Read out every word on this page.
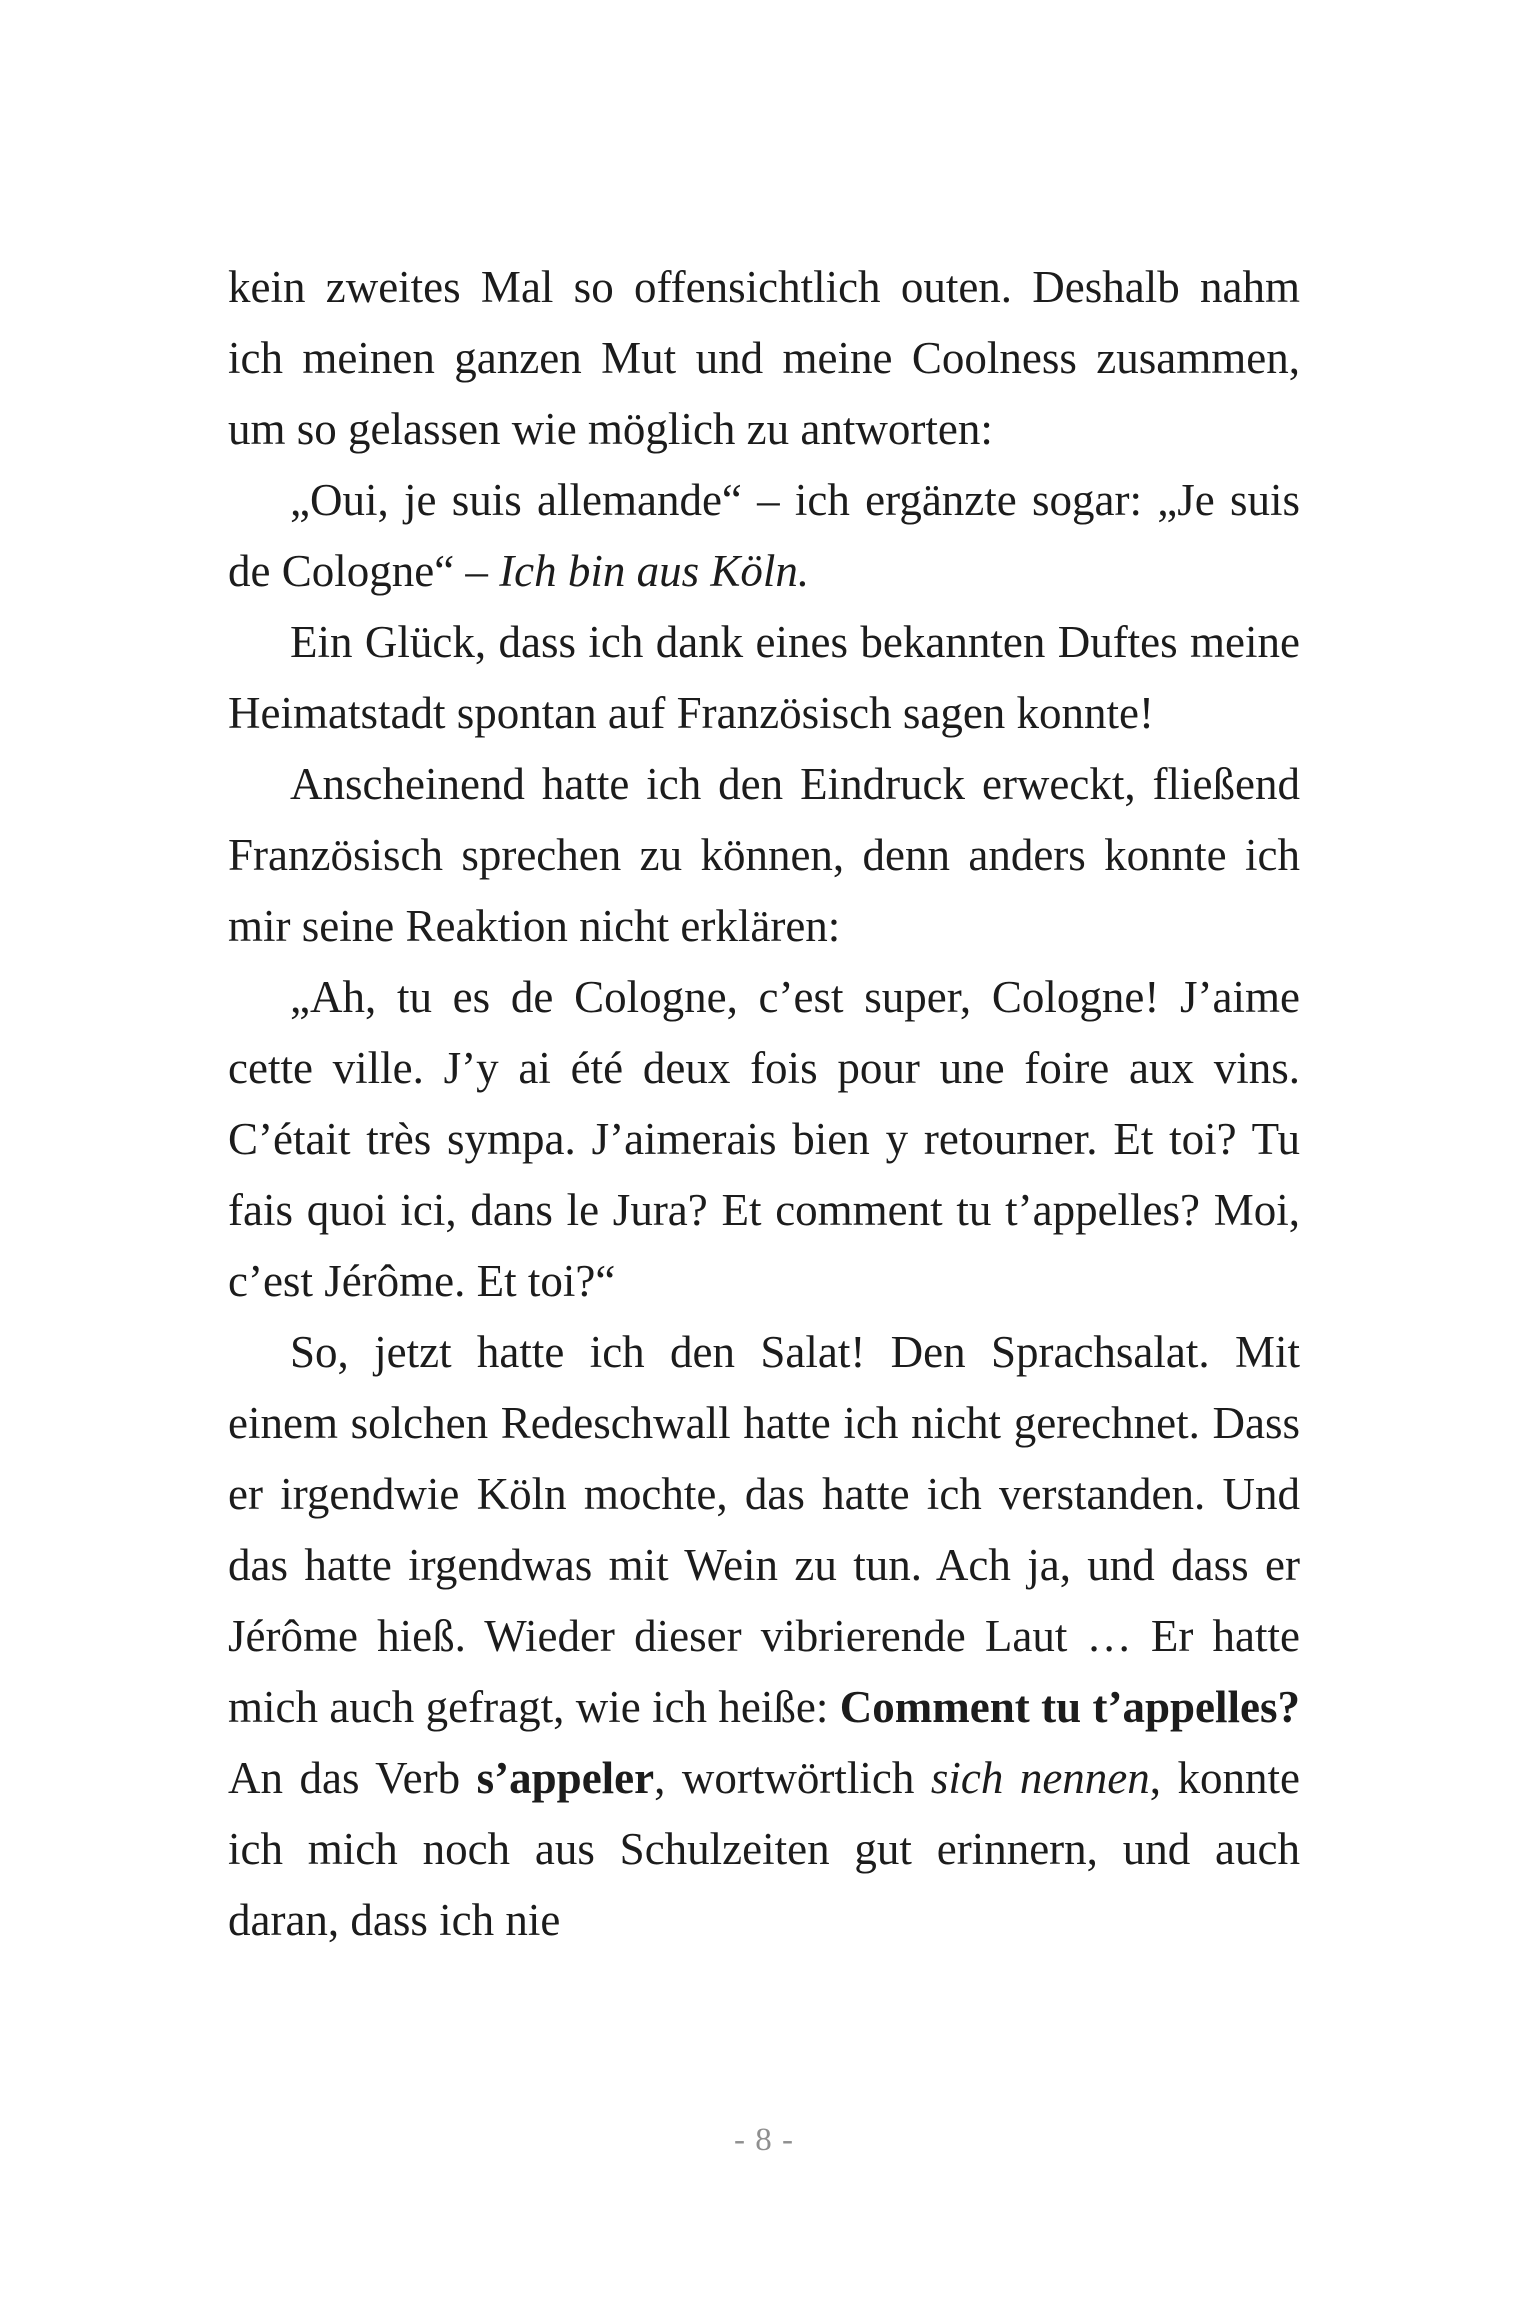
kein zweites Mal so offensichtlich outen. Deshalb nahm ich meinen ganzen Mut und meine Coolness zusammen, um so gelassen wie möglich zu antworten:

„Oui, je suis allemande“ – ich ergänzte sogar: „Je suis de Cologne“ – Ich bin aus Köln.

Ein Glück, dass ich dank eines bekannten Duftes meine Heimatstadt spontan auf Französisch sagen konnte!

Anscheinend hatte ich den Eindruck erweckt, fließend Französisch sprechen zu können, denn anders konnte ich mir seine Reaktion nicht erklären:

„Ah, tu es de Cologne, c’est super, Cologne! J’aime cette ville. J’y ai été deux fois pour une foire aux vins. C’était très sympa. J’aimerais bien y retourner. Et toi? Tu fais quoi ici, dans le Jura? Et comment tu t’appelles? Moi, c’est Jérôme. Et toi?“

So, jetzt hatte ich den Salat! Den Sprachsalat. Mit einem solchen Redeschwall hatte ich nicht gerechnet. Dass er irgendwie Köln mochte, das hatte ich verstanden. Und das hatte irgendwas mit Wein zu tun. Ach ja, und dass er Jérôme hieß. Wieder dieser vibrierende Laut … Er hatte mich auch gefragt, wie ich heiße: Comment tu t’appelles? An das Verb s’appeler, wortwörtlich sich nennen, konnte ich mich noch aus Schulzeiten gut erinnern, und auch daran, dass ich nie

- 8 -
